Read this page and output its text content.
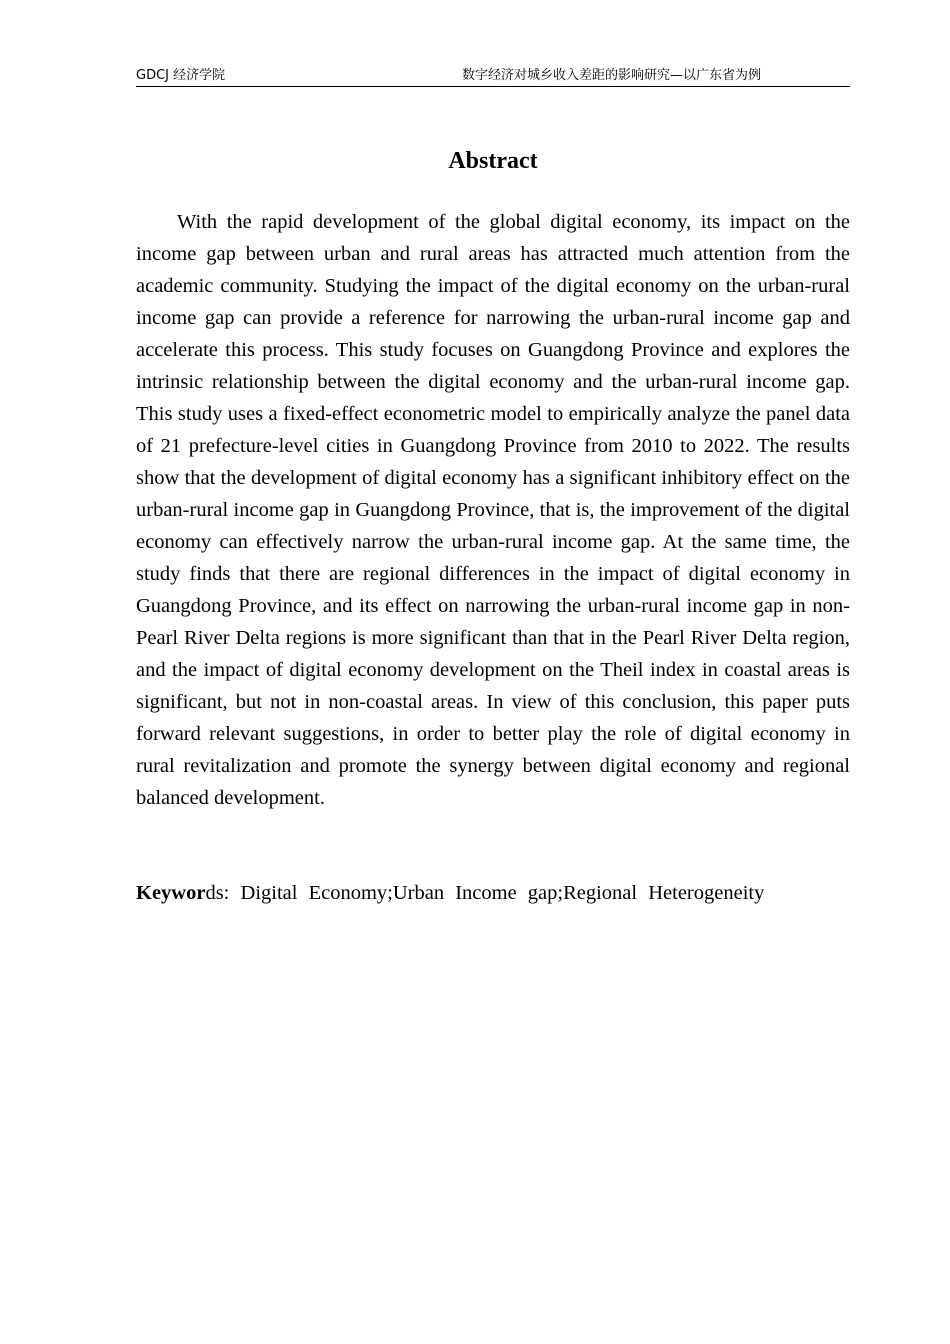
GDCJ 经济学院	数字经济对城乡收入差距的影响研究—以广东省为例
Abstract

With the rapid development of the global digital economy, its impact on the income gap between urban and rural areas has attracted much attention from the academic community. Studying the impact of the digital economy on the urban-rural income gap can provide a reference for narrowing the urban-rural income gap and accelerate this process. This study focuses on Guangdong Province and explores the intrinsic relationship between the digital economy and the urban-rural income gap. This study uses a fixed-effect econometric model to empirically analyze the panel data of 21 prefecture-level cities in Guangdong Province from 2010 to 2022. The results show that the development of digital economy has a significant inhibitory effect on the urban-rural income gap in Guangdong Province, that is, the improvement of the digital economy can effectively narrow the urban-rural income gap. At the same time, the study finds that there are regional differences in the impact of digital economy in Guangdong Province, and its effect on narrowing the urban-rural income gap in non-Pearl River Delta regions is more significant than that in the Pearl River Delta region, and the impact of digital economy development on the Theil index in coastal areas is significant, but not in non-coastal areas. In view of this conclusion, this paper puts forward relevant suggestions, in order to better play the role of digital economy in rural revitalization and promote the synergy between digital economy and regional balanced development.

Keywords: Digital Economy;Urban Income gap;Regional Heterogeneity
